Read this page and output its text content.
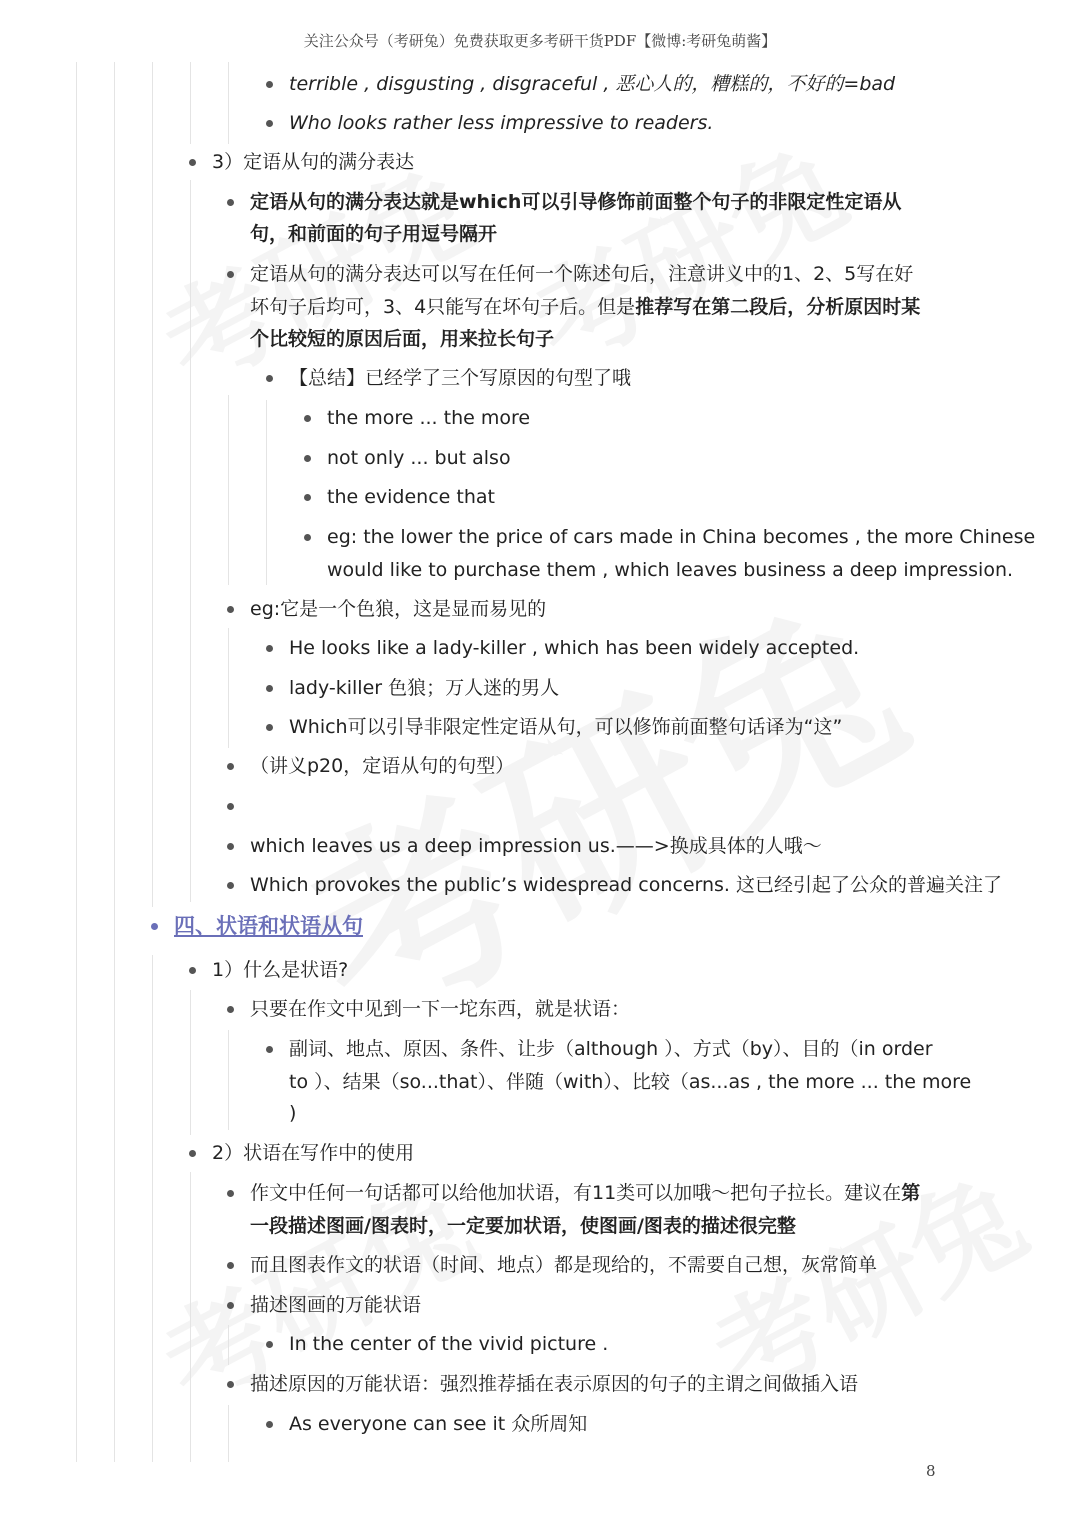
关注公众号（考研兔）免费获取更多考研干货PDF【微博:考研兔萌酱】
terrible , disgusting , disgraceful , 恶心人的，糟糕的，不好的=bad
Who looks rather less impressive to readers.
3）定语从句的满分表达
定语从句的满分表达就是which可以引导修饰前面整个句子的非限定性定语从
句，和前面的句子用逗号隔开
定语从句的满分表达可以写在任何一个陈述句后，注意讲义中的1、2、5写在好
坏句子后均可，3、4只能写在坏句子后。但是推荐写在第二段后，分析原因时某
个比较短的原因后面，用来拉长句子
【总结】已经学了三个写原因的句型了哦
the more ... the more
not only ... but also
the evidence that
eg: the lower the price of cars made in China becomes , the more Chinese
would like to purchase them , which leaves business a deep impression.
eg:它是一个色狼，这是显而易见的
He looks like a lady-killer , which has been widely accepted.
lady-killer 色狼；万人迷的男人
Which可以引导非限定性定语从句，可以修饰前面整句话译为“这”
（讲义p20，定语从句的句型）
which leaves us a deep impression us.——>换成具体的人哦～
Which provokes the public’s widespread concerns. 这已经引起了公众的普遍关注了
四、状语和状语从句
1）什么是状语?
只要在作文中见到一下一坨东西，就是状语：
副词、地点、原因、条件、让步（although ）、方式（by）、目的（in order
to ）、结果（so...that）、伴随（with）、比较（as...as , the more ... the more
)
2）状语在写作中的使用
作文中任何一句话都可以给他加状语，有11类可以加哦～把句子拉长。建议在第
一段描述图画/图表时，一定要加状语，使图画/图表的描述很完整
而且图表作文的状语（时间、地点）都是现给的，不需要自己想，灰常简单
描述图画的万能状语
In the center of the vivid picture .
描述原因的万能状语：强烈推荐插在表示原因的句子的主谓之间做插入语
As everyone can see it 众所周知
8
